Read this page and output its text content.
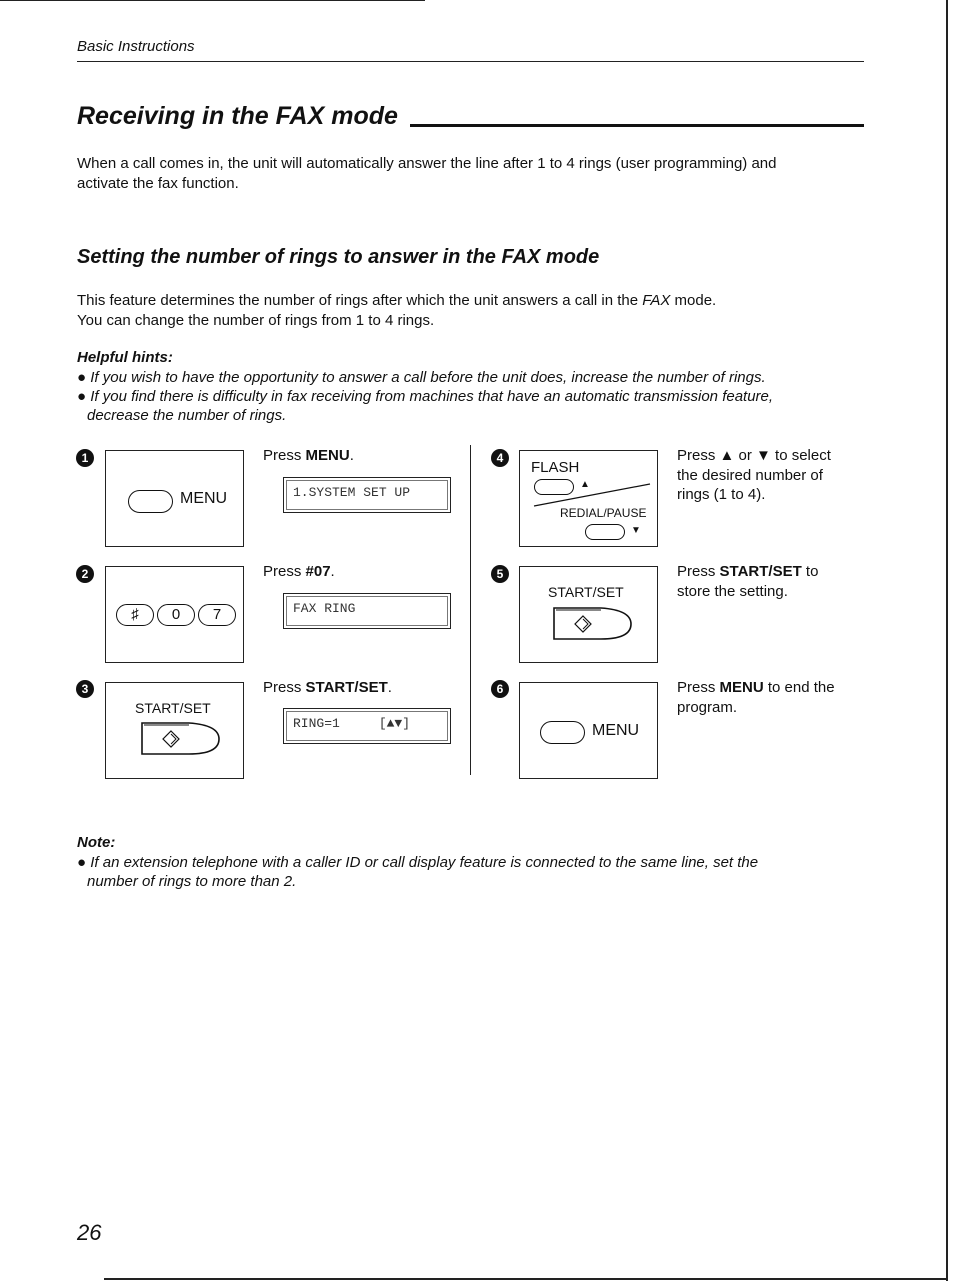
Basic Instructions
Receiving in the FAX mode
When a call comes in, the unit will automatically answer the line after 1 to 4 rings (user programming) and
activate the fax function.
Setting the number of rings to answer in the FAX mode
This feature determines the number of rings after which the unit answers a call in the FAX mode.
You can change the number of rings from 1 to 4 rings.
Helpful hints:
● If you wish to have the opportunity to answer a call before the unit does, increase the number of rings.
● If you find there is difficulty in fax receiving from machines that have an automatic transmission feature,
decrease the number of rings.
1
MENU
Press MENU.
1.SYSTEM SET UP
2
♯	0	7
Press #07.
FAX RING
3
START/SET
Press START/SET.
RING=1     [▲▼]
4
FLASH
▲
REDIAL/PAUSE
▼
Press ▲ or ▼ to select
the desired number of
rings (1 to 4).
5
START/SET
Press START/SET to
store the setting.
6
MENU
Press MENU to end the
program.
Note:
● If an extension telephone with a caller ID or call display feature is connected to the same line, set the
number of rings to more than 2.
26
